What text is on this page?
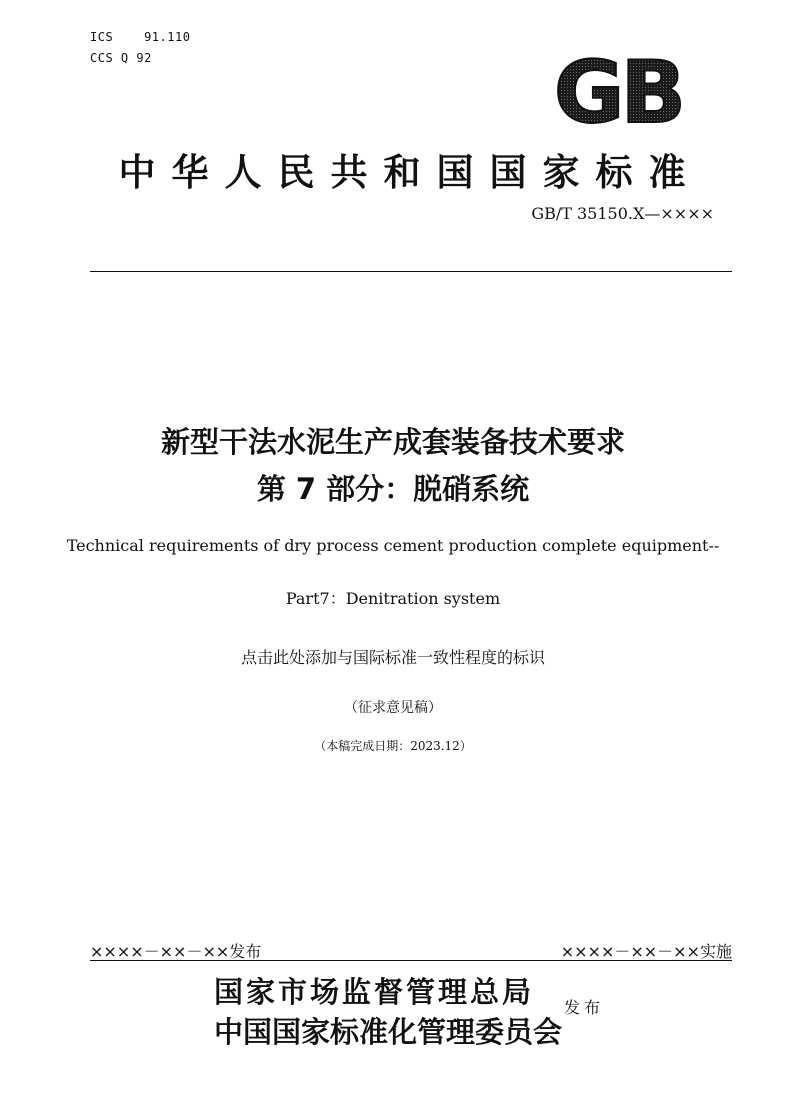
ICS    91.110
CCS Q 92	GB
中华人民共和国国家标准
GB/T 35150.X—××××
新型干法水泥生产成套装备技术要求
第 7 部分：脱硝系统
Technical requirements of dry process cement production complete equipment--
Part7：Denitration system
点击此处添加与国际标准一致性程度的标识
（征求意见稿）
（本稿完成日期：2023.12）
××××－××－××发布	××××－××－××实施
国家市场监督管理总局
中国国家标准化管理委员会
发布
